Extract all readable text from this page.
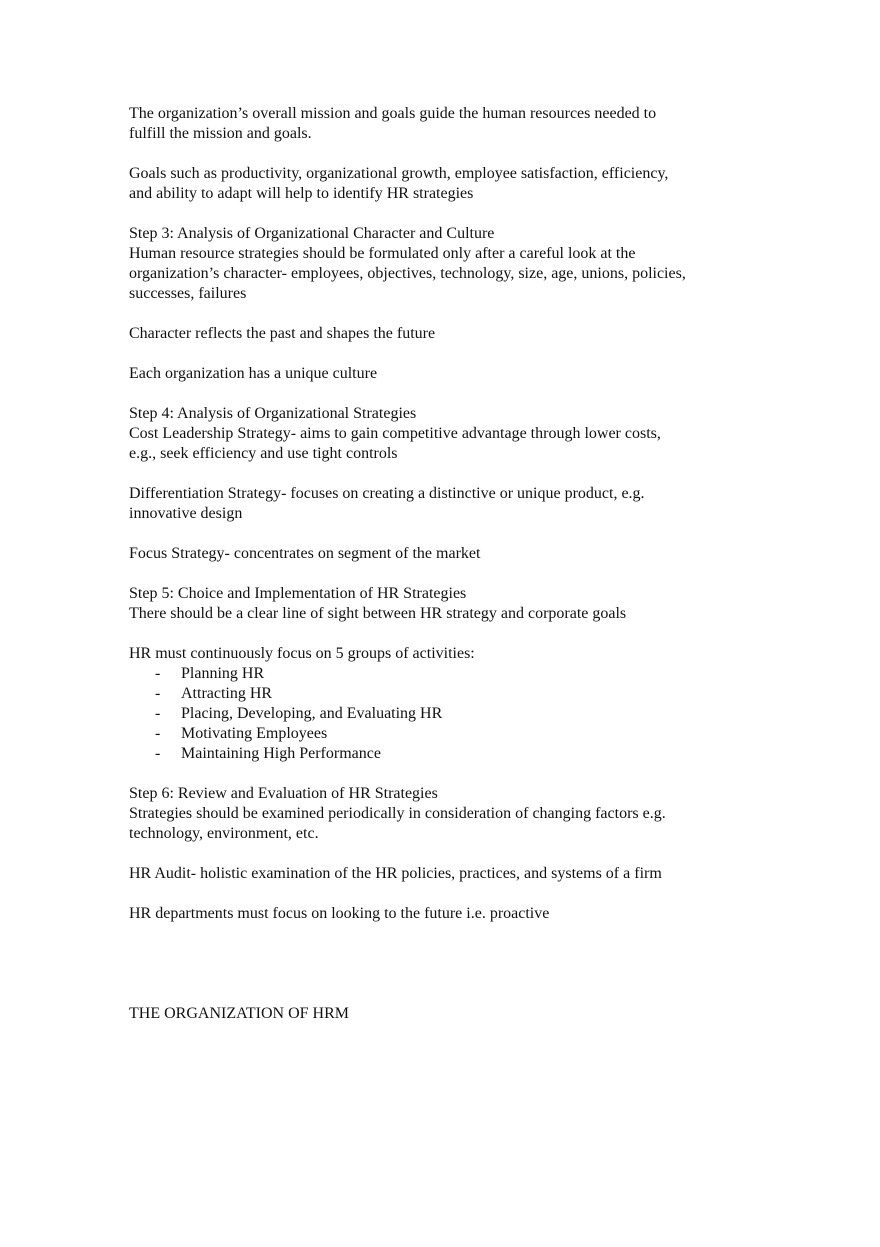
The organization’s overall mission and goals guide the human resources needed to
fulfill the mission and goals.
Goals such as productivity, organizational growth, employee satisfaction, efficiency,
and ability to adapt will help to identify HR strategies
Step 3: Analysis of Organizational Character and Culture
Human resource strategies should be formulated only after a careful look at the
organization’s character- employees, objectives, technology, size, age, unions, policies,
successes, failures
Character reflects the past and shapes the future
Each organization has a unique culture
Step 4: Analysis of Organizational Strategies
Cost Leadership Strategy- aims to gain competitive advantage through lower costs,
e.g., seek efficiency and use tight controls
Differentiation Strategy- focuses on creating a distinctive or unique product, e.g.
innovative design
Focus Strategy- concentrates on segment of the market
Step 5: Choice and Implementation of HR Strategies
There should be a clear line of sight between HR strategy and corporate goals
HR must continuously focus on 5 groups of activities:
- Planning HR
- Attracting HR
- Placing, Developing, and Evaluating HR
- Motivating Employees
- Maintaining High Performance
Step 6: Review and Evaluation of HR Strategies
Strategies should be examined periodically in consideration of changing factors e.g.
technology, environment, etc.
HR Audit- holistic examination of the HR policies, practices, and systems of a firm
HR departments must focus on looking to the future i.e. proactive
THE ORGANIZATION OF HRM
